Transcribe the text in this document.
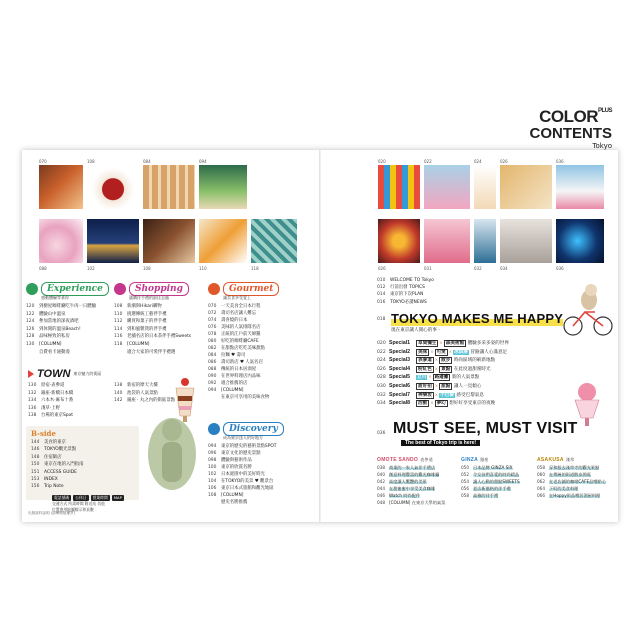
$COLOR^{PLUS}$
CONTENTS
Tokyo
070	108	084	094
088	102	108	110	118
Experience
感動體驗等著你
120 到樹屋咖啡廳吃牛肉一日體驗
122 體驗山中溫泉
124 參加當地的深夜酒吧
126 到休閒的溫泉Beach!
128 品味極致的私房
130 [COLUMN]
自費看卡通動漫
Shopping
選購伴手禮的最佳去處
108 新潮與Hikari購物
110 挑選傳統工藝伴手禮
112 購買和菓子的伴手禮
114 到和風雜貨的伴手禮
116 老舖名店的日本茶伴手禮Sweets
118 [COLUMN]
適合大家的可愛伴手禮選
Gourmet
讓美食享受愛上
070 一天美食全日本行程
072 壽司名店讓人難忘
074 壽喜燒的日本
076 美味的人氣排隊名店
078 正統的江戶前天婦羅
080 好吃的咖啡廳CAFE
082 在甜點店吃吃美味甜點
084 拉麵 ♥ 壽司
086 壽司新店 ♥ 人氣名店
088 傳統的日本居酒屋
090 在世界料理店內品味
092 適合推薦的店
094 [COLUMN]
在東京可享用的美味食物
TOWN 東京魅力的街區
130 原宿·表參道
132 銀座·新橋日本橋
134 六本木·麻布十番
136 淺草·上野
138 台場的東京Spot
138 新宿的摩天大樓
140 池袋的人氣景點
142 銀座 · 丸之內的街區景點
B-side
144 美食的東京
146 TOKYO觀光景點
148 住宿飯店
150 東京在地的入門指南
151 ACCESS GUIDE
153 INDEX
156 Trip Note
Discovery
成為東京達人的好地方
094 東京的歷史的藝術景點SPOT
096 東京文化的歷史景點
098 體驗與藝術作品
100 東京的欣賞名勝
102 日本庭園中的美好時光
104 在TOKYO的美景 ♥ 觀景台
106 東京日本式旅館和觀光地區
108 [COLUMN]
歷史名勝推薦
電話號碼 公休日 營業時間 MAP
交通方式 所需時間 附近站 其他
位置會用地圖標示和頁數
出版資料說明 (請參閱版權頁)
020	022	024	026	036
026	031	032	034	036
010 WELCOME TO Tokyo
012 行前出發 TOPICS
014 東京的下次PLAN
016 TOKYO必讀NEWS
018 TOKYO MAKES ME HAPPY
現在東京讓人開心的事 ·
020 Special1 草間彌生 × 森美術館 體驗多采多姿的世界
022 Special2 美味 × 可愛 × 冰淇淋 冒險讓人心滿意足
024 Special3 表參道 × 散步 時尚區域的嶄新地點
026 Special4 粉紅色 × 景點 在此度過甜蜜時光
028 Special5 立川 × 路邊攤 新的人氣景點
030 Special6 甜好拍 × 甜點 讓人一見傾心
032 Special7 神樂坂 × 小巴黎 感受巴黎氣息
034 Special8 活動 × 夢幻 想好好享受東京的夜晚
036 MUST SEE, MUST VISIT
The best of Tokyo trip is here!
OMOTE SANDO 表參道
038 商業的一家人氣伴手禮店
040 創意料理豐富的觀光咖啡廳
042 高度讓人驚艷的美景
044 在甜蜜蜜中享受美食咖啡
046 Watch 時尚配件
048 [COLUMN] 在東京大學的氣氛
GINZA 銀座
050 日本品牌 GINZA SIX
052 令女孩們喜愛的時尚精品
054 讓人心動的甜點SWEETS
056 老店新風格的伴手禮
058 高雅的伴手禮
ASAKUSA 淺草
058 穿和服去淺草寺的觀光景點
060 在傳統的街道散步閒逛
062 在老店鋪的咖啡CAFE品嚐點心
064 下町的美食料理
066 在Hoppy街品嚐居酒屋料理
